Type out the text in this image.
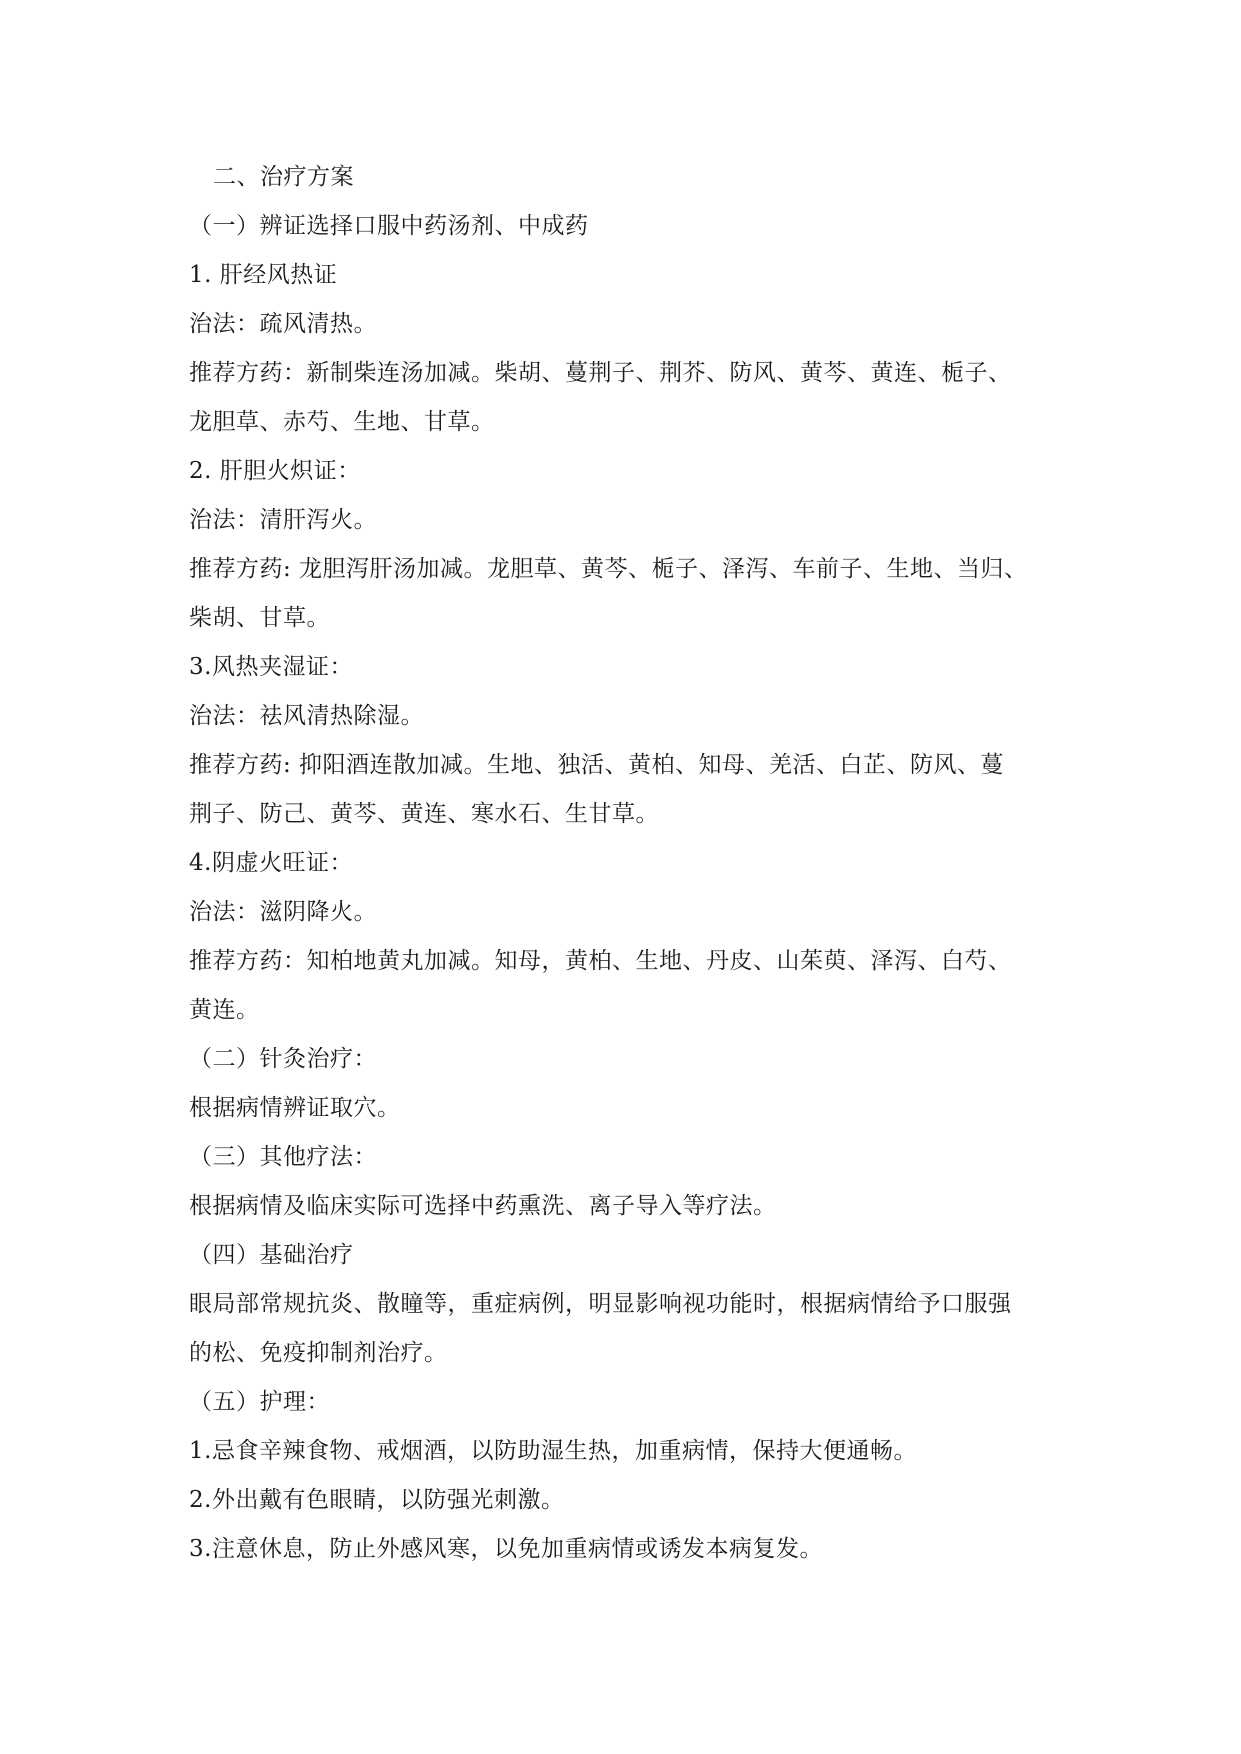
二、治疗方案
（一）辨证选择口服中药汤剂、中成药
1. 肝经风热证
治法：疏风清热。
推荐方药：新制柴连汤加减。柴胡、蔓荆子、荆芥、防风、黄芩、黄连、栀子、
龙胆草、赤芍、生地、甘草。
2. 肝胆火炽证：
治法：清肝泻火。
推荐方药: 龙胆泻肝汤加减。龙胆草、黄芩、栀子、泽泻、车前子、生地、当归、
柴胡、甘草。
3.风热夹湿证：
治法：祛风清热除湿。
推荐方药: 抑阳酒连散加减。生地、独活、黄柏、知母、羌活、白芷、防风、蔓
荆子、防己、黄芩、黄连、寒水石、生甘草。
4.阴虚火旺证：
治法：滋阴降火。
推荐方药：知柏地黄丸加减。知母，黄柏、生地、丹皮、山茱萸、泽泻、白芍、
黄连。
（二）针灸治疗：
根据病情辨证取穴。
（三）其他疗法：
根据病情及临床实际可选择中药熏洗、离子导入等疗法。
（四）基础治疗
眼局部常规抗炎、散瞳等，重症病例，明显影响视功能时，根据病情给予口服强
的松、免疫抑制剂治疗。
（五）护理：
1.忌食辛辣食物、戒烟酒，以防助湿生热，加重病情，保持大便通畅。
2.外出戴有色眼睛，以防强光刺激。
3.注意休息，防止外感风寒，以免加重病情或诱发本病复发。
